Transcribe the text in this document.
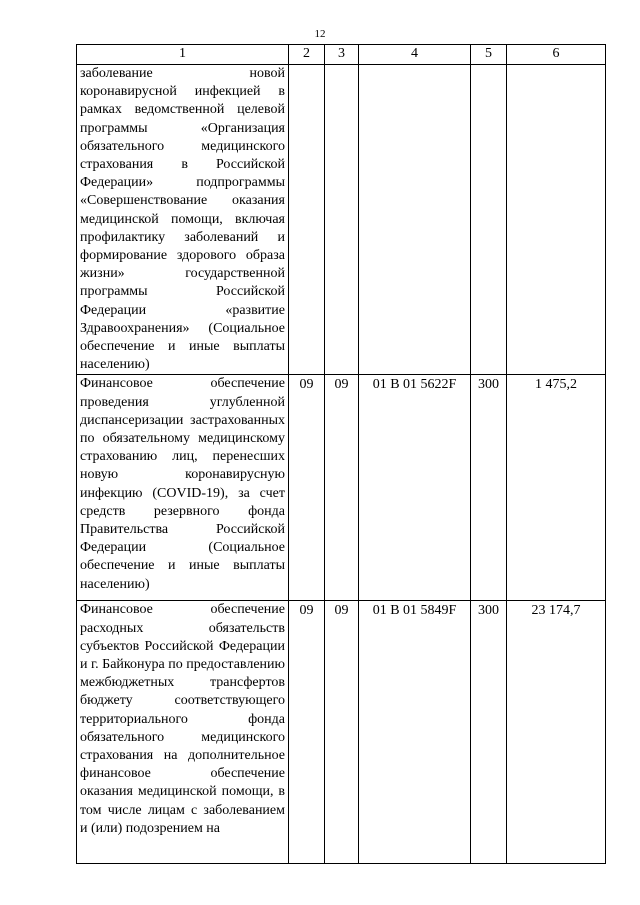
12
1	2	3	4	5	6
заболевание новой коронавирусной инфекцией в рамках ведомственной целевой программы «Организация обязательного медицинского страхования в Российской Федерации» подпрограммы «Совершенствование оказания медицинской помощи, включая профилактику заболеваний и формирование здорового образа жизни» государственной программы Российской Федерации «развитие Здравоохранения» (Социальное обеспечение и иные выплаты населению)					
Финансовое обеспечение проведения углубленной диспансеризации застрахованных по обязательному медицинскому страхованию лиц, перенесших новую коронавирусную инфекцию (COVID-19), за счет средств резервного фонда Правительства Российской Федерации (Социальное обеспечение и иные выплаты населению)	09	09	01 В 01 5622F	300	1 475,2
Финансовое обеспечение расходных обязательств субъектов Российской Федерации и г. Байконура по предоставлению межбюджетных трансфертов бюджету соответствующего территориального фонда обязательного медицинского страхования на дополнительное финансовое обеспечение оказания медицинской помощи, в том числе лицам с заболеванием и (или) подозрением на	09	09	01 В 01 5849F	300	23 174,7
